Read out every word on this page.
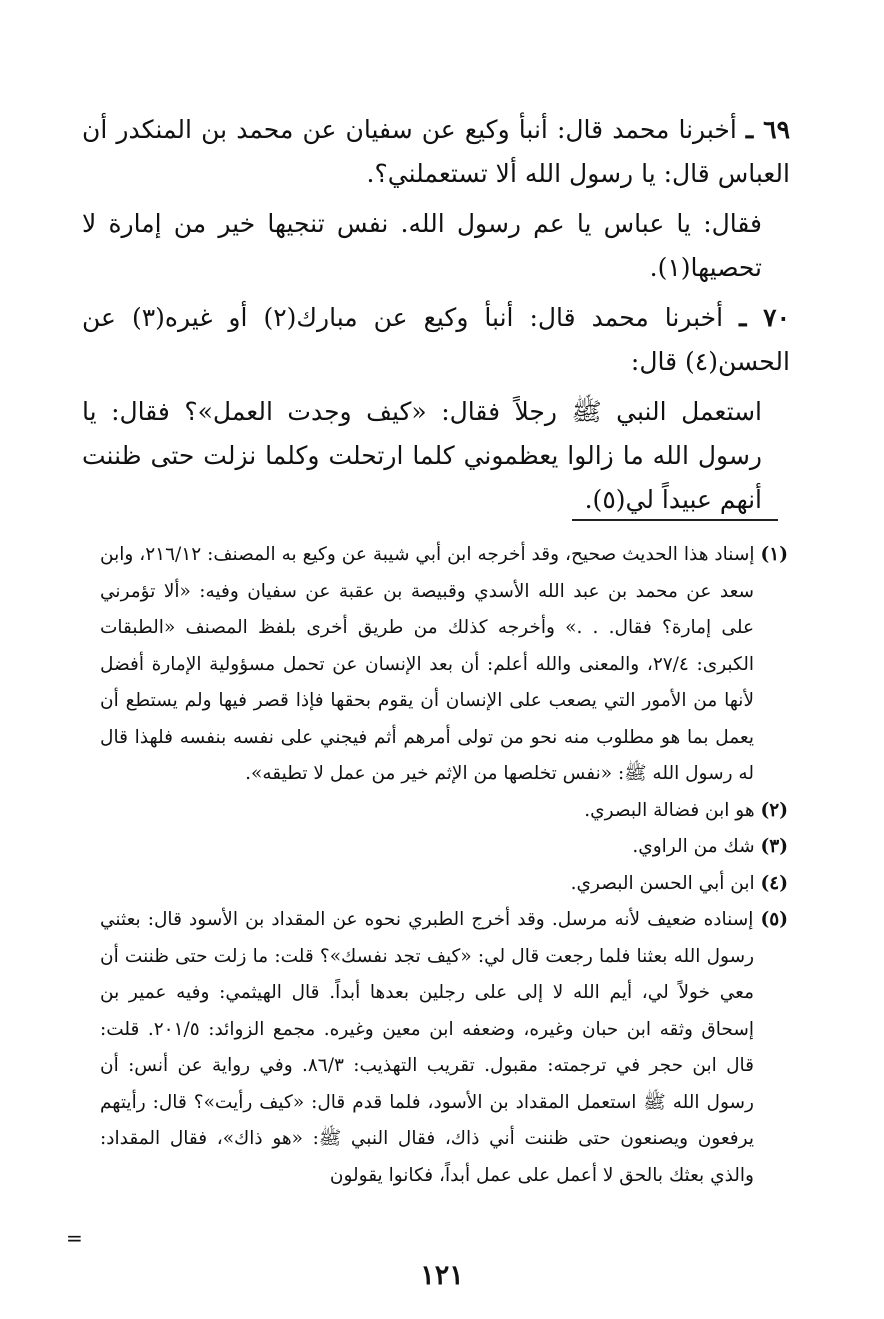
٦٩ ـ أخبرنا محمد قال: أنبأ وكيع عن سفيان عن محمد بن المنكدر أن العباس قال: يا رسول الله ألا تستعملني؟.

فقال: يا عباس يا عم رسول الله. نفس تنجيها خير من إمارة لا تحصيها(١).

٧٠ ـ أخبرنا محمد قال: أنبأ وكيع عن مبارك(٢) أو غيره(٣) عن الحسن(٤) قال:

استعمل النبي ﷺ رجلاً فقال: «كيف وجدت العمل»؟ فقال: يا رسول الله ما زالوا يعظموني كلما ارتحلت وكلما نزلت حتى ظننت أنهم عبيداً لي(٥).

(١) إسناد هذا الحديث صحيح، وقد أخرجه ابن أبي شيبة عن وكيع به المصنف: ٢١٦/١٢، وابن سعد عن محمد بن عبد الله الأسدي وقبيصة بن عقبة عن سفيان وفيه: «ألا تؤمرني على إمارة؟ فقال. . .» وأخرجه كذلك من طريق أخرى بلفظ المصنف «الطبقات الكبرى: ٢٧/٤، والمعنى والله أعلم: أن بعد الإنسان عن تحمل مسؤولية الإمارة أفضل لأنها من الأمور التي يصعب على الإنسان أن يقوم بحقها فإذا قصر فيها ولم يستطع أن يعمل بما هو مطلوب منه نحو من تولى أمرهم أثم فيجني على نفسه بنفسه فلهذا قال له رسول الله ﷺ: «نفس تخلصها من الإثم خير من عمل لا تطيقه».

(٢) هو ابن فضالة البصري.

(٣) شك من الراوي.

(٤) ابن أبي الحسن البصري.

(٥) إسناده ضعيف لأنه مرسل. وقد أخرج الطبري نحوه عن المقداد بن الأسود قال: بعثني رسول الله بعثنا فلما رجعت قال لي: «كيف تجد نفسك»؟ قلت: ما زلت حتى ظننت أن معي خولاً لي، أيم الله لا إلى على رجلين بعدها أبداً. قال الهيثمي: وفيه عمير بن إسحاق وثقه ابن حبان وغيره، وضعفه ابن معين وغيره. مجمع الزوائد: ٢٠١/٥. قلت: قال ابن حجر في ترجمته: مقبول. تقريب التهذيب: ٨٦/٣. وفي رواية عن أنس: أن رسول الله ﷺ استعمل المقداد بن الأسود، فلما قدم قال: «كيف رأيت»؟ قال: رأيتهم يرفعون ويصنعون حتى ظننت أني ذاك، فقال النبي ﷺ: «هو ذاك»، فقال المقداد: والذي بعثك بالحق لا أعمل على عمل أبداً، فكانوا يقولون

=
١٢١
